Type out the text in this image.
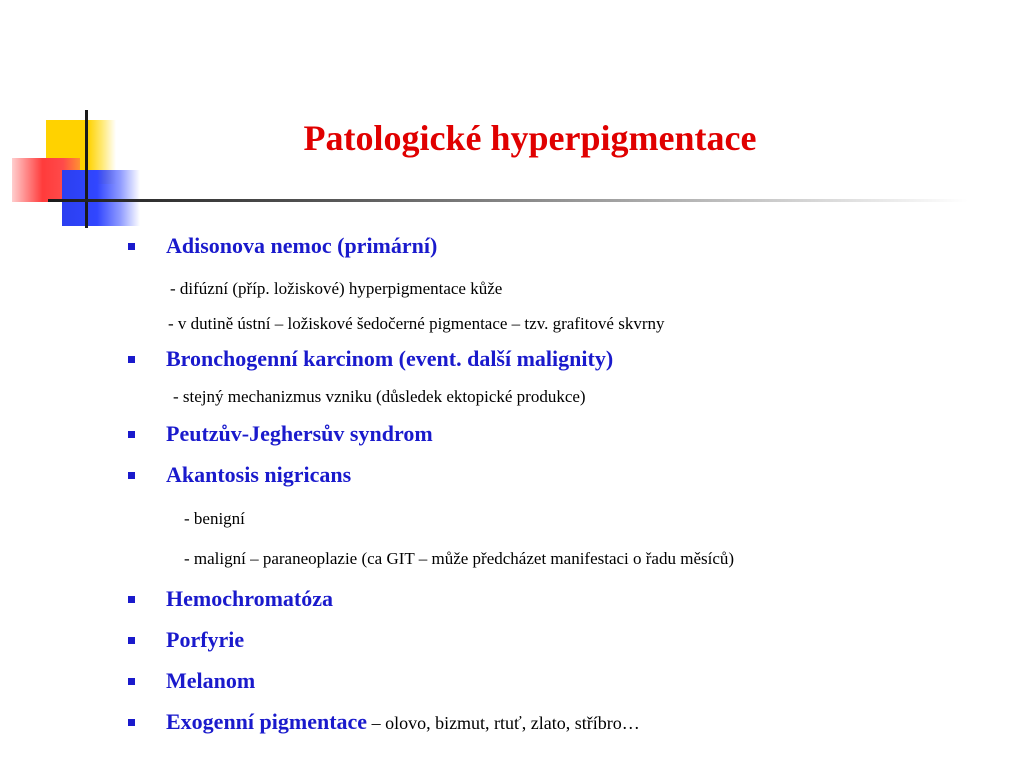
Patologické hyperpigmentace
Adisonova nemoc (primární)
- difúzní (příp. ložiskové) hyperpigmentace kůže
- v dutině ústní – ložiskové šedočerné pigmentace – tzv. grafitové skvrny
Bronchogenní karcinom (event. další malignity)
- stejný mechanizmus vzniku (důsledek ektopické produkce)
Peutzův-Jeghersův syndrom
Akantosis nigricans
- benigní
- maligní – paraneoplazie (ca GIT – může předcházet manifestaci o řadu měsíců)
Hemochromatóza
Porfyrie
Melanom
Exogenní pigmentace – olovo, bizmut, rtuť, zlato, stříbro…
